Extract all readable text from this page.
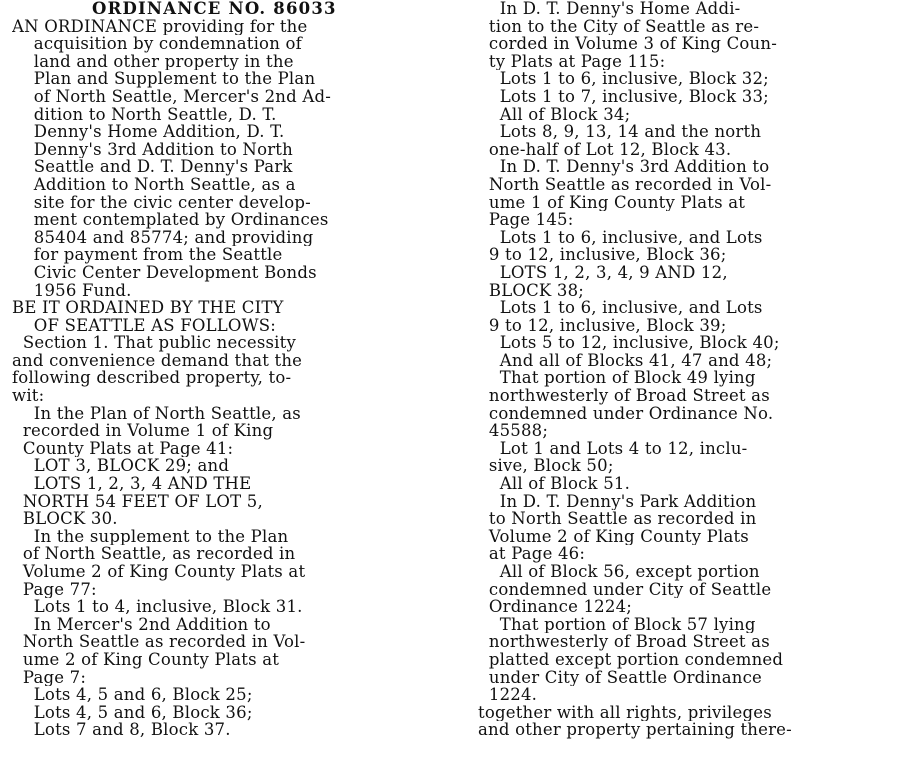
ORDINANCE NO. 86033
AN ORDINANCE providing for the
acquisition by condemnation of
land and other property in the
Plan and Supplement to the Plan
of North Seattle, Mercer's 2nd Ad-
dition to North Seattle, D. T.
Denny's Home Addition, D. T.
Denny's 3rd Addition to North
Seattle and D. T. Denny's Park
Addition to North Seattle, as a
site for the civic center develop-
ment contemplated by Ordinances
85404 and 85774; and providing
for payment from the Seattle
Civic Center Development Bonds
1956 Fund.
BE IT ORDAINED BY THE CITY
OF SEATTLE AS FOLLOWS:
Section 1. That public necessity
and convenience demand that the
following described property, to-
wit:
In the Plan of North Seattle, as
recorded in Volume 1 of King
County Plats at Page 41:
LOT 3, BLOCK 29; and
LOTS 1, 2, 3, 4 AND THE
NORTH 54 FEET OF LOT 5,
BLOCK 30.
In the supplement to the Plan
of North Seattle, as recorded in
Volume 2 of King County Plats at
Page 77:
Lots 1 to 4, inclusive, Block 31.
In Mercer's 2nd Addition to
North Seattle as recorded in Vol-
ume 2 of King County Plats at
Page 7:
Lots 4, 5 and 6, Block 25;
Lots 4, 5 and 6, Block 36;
Lots 7 and 8, Block 37.
In D. T. Denny's Home Addi-
tion to the City of Seattle as re-
corded in Volume 3 of King Coun-
ty Plats at Page 115:
Lots 1 to 6, inclusive, Block 32;
Lots 1 to 7, inclusive, Block 33;
All of Block 34;
Lots 8, 9, 13, 14 and the north
one-half of Lot 12, Block 43.
In D. T. Denny's 3rd Addition to
North Seattle as recorded in Vol-
ume 1 of King County Plats at
Page 145:
Lots 1 to 6, inclusive, and Lots
9 to 12, inclusive, Block 36;
LOTS 1, 2, 3, 4, 9 AND 12,
BLOCK 38;
Lots 1 to 6, inclusive, and Lots
9 to 12, inclusive, Block 39;
Lots 5 to 12, inclusive, Block 40;
And all of Blocks 41, 47 and 48;
That portion of Block 49 lying
northwesterly of Broad Street as
condemned under Ordinance No.
45588;
Lot 1 and Lots 4 to 12, inclu-
sive, Block 50;
All of Block 51.
In D. T. Denny's Park Addition
to North Seattle as recorded in
Volume 2 of King County Plats
at Page 46:
All of Block 56, except portion
condemned under City of Seattle
Ordinance 1224;
That portion of Block 57 lying
northwesterly of Broad Street as
platted except portion condemned
under City of Seattle Ordinance
1224.
together with all rights, privileges
and other property pertaining there-
